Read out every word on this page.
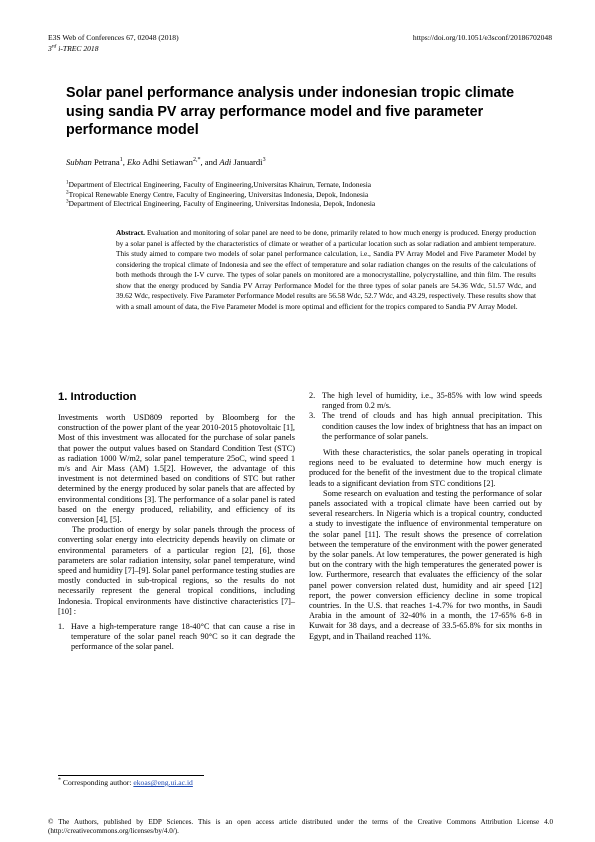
E3S Web of Conferences 67, 02048 (2018)	https://doi.org/10.1051/e3sconf/20186702048
3rd i-TREC 2018
Solar panel performance analysis under indonesian tropic climate using sandia PV array performance model and five parameter performance model
Subhan Petrana$^1$, Eko Adhi Setiawan$^{2,*}$, and Adi Januardi$^3$
$^1$Department of Electrical Engineering, Faculty of Engineering,Universitas Khairun, Ternate, Indonesia
$^2$Tropical Renewable Energy Centre, Faculty of Engineering, Universitas Indonesia, Depok, Indonesia
$^3$Department of Electrical Engineering, Faculty of Engineering, Universitas Indonesia, Depok, Indonesia
Abstract. Evaluation and monitoring of solar panel are need to be done, primarily related to how much energy is produced. Energy production by a solar panel is affected by the characteristics of climate or weather of a particular location such as solar radiation and ambient temperature. This study aimed to compare two models of solar panel performance calculation, i.e., Sandia PV Array Model and Five Parameter Model by considering the tropical climate of Indonesia and see the effect of temperature and solar radiation changes on the results of the calculations of both methods through the I-V curve. The types of solar panels on monitored are a monocrystalline, polycrystalline, and thin film. The results show that the energy produced by Sandia PV Array Performance Model for the three types of solar panels are 54.36 Wdc, 51.57 Wdc, and 39.62 Wdc, respectively. Five Parameter Performance Model results are 56.58 Wdc, 52.7 Wdc, and 43.29, respectively. These results show that with a small amount of data, the Five Parameter Model is more optimal and efficient for the tropics compared to Sandia PV Array Model.
1. Introduction

Investments worth USD809 reported by Bloomberg for the construction of the power plant of the year 2010-2015 photovoltaic [1], Most of this investment was allocated for the purchase of solar panels that power the output values based on Standard Condition Test (STC) as radiation 1000 W/m2, solar panel temperature 25oC, wind speed 1 m/s and Air Mass (AM) 1.5[2]. However, the advantage of this investment is not determined based on conditions of STC but rather determined by the energy produced by solar panels that are affected by environmental conditions [3]. The performance of a solar panel is rated based on the energy produced, reliability, and efficiency of its conversion [4], [5].

The production of energy by solar panels through the process of converting solar energy into electricity depends heavily on climate or environmental parameters of a particular region [2], [6], those parameters are solar radiation intensity, solar panel temperature, wind speed and humidity [7]–[9]. Solar panel performance testing studies are mostly conducted in sub-tropical regions, so the results do not necessarily represent the general tropical conditions, including Indonesia. Tropical environments have distinctive characteristics [7]–[10] :

1. Have a high-temperature range 18-40°C that can cause a rise in temperature of the solar panel reach 90°C so it can degrade the performance of the solar panel.
2. The high level of humidity, i.e., 35-85% with low wind speeds ranged from 0.2 m/s.
3. The trend of clouds and has high annual precipitation. This condition causes the low index of brightness that has an impact on the performance of solar panels.

With these characteristics, the solar panels operating in tropical regions need to be evaluated to determine how much energy is produced for the benefit of the investment due to the tropical climate leads to a significant deviation from STC conditions [2].

Some research on evaluation and testing the performance of solar panels associated with a tropical climate have been carried out by several researchers. In Nigeria which is a tropical country, conducted a study to investigate the influence of environmental temperature on the solar panel [11]. The result shows the presence of correlation between the temperature of the environment with the power generated by the solar panels. At low temperatures, the power generated is high but on the contrary with the high temperatures the generated power is low. Furthermore, research that evaluates the efficiency of the solar panel power conversion related dust, humidity and air speed [12] report, the power conversion efficiency decline in some tropical countries. In the U.S. that reaches 1-4.7% for two months, in Saudi Arabia in the amount of 32-40% in a month, the 17-65% 6-8 in Kuwait for 38 days, and a decrease of 33.5-65.8% for six months in Egypt, and in Thailand reached 11%.

* Corresponding author: ekoas@eng.ui.ac.id
© The Authors, published by EDP Sciences. This is an open access article distributed under the terms of the Creative Commons Attribution License 4.0 (http://creativecommons.org/licenses/by/4.0/).
